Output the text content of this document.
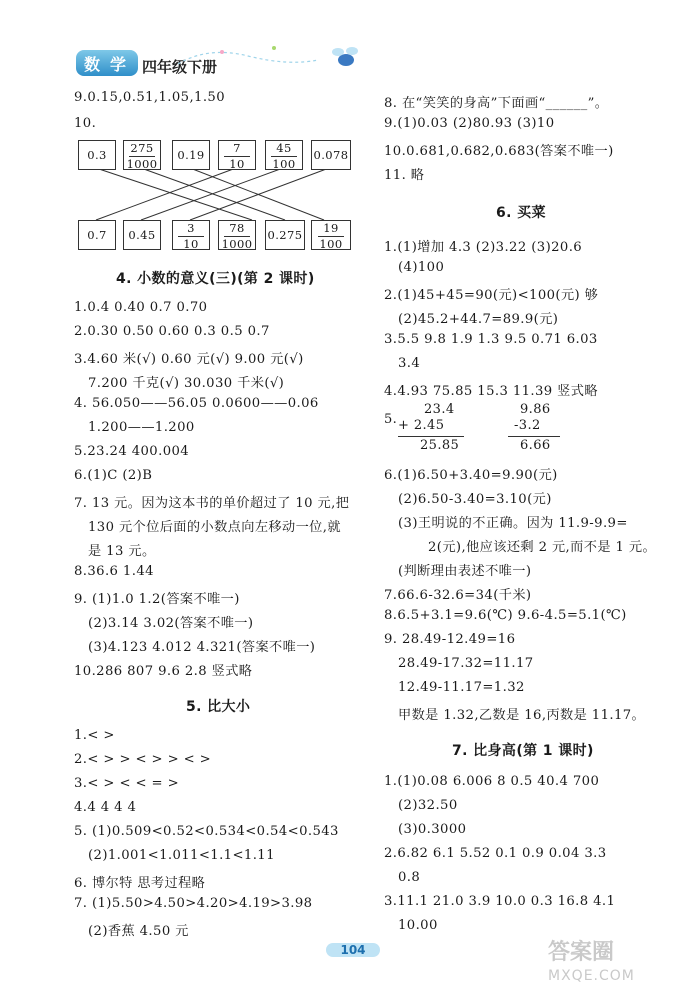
数 学 四年级下册
9.0.15,0.51,1.05,1.50
10.
0.3	275
1000
0.19	7
10
45
100
0.078
0.7	0.45	3
10
78
1000
0.275	19
100
4. 小数的意义(三)(第 2 课时)
1.0.4 0.40 0.7 0.70
2.0.30 0.50 0.60 0.3 0.5 0.7
3.4.60 米(√) 0.60 元(√) 9.00 元(√)
7.200 千克(√) 30.030 千米(√)
4. 56.050——56.05 0.0600——0.06
1.200——1.200
5.23.24 400.004
6.(1)C (2)B
7. 13 元。因为这本书的单价超过了 10 元,把
130 元个位后面的小数点向左移动一位,就
是 13 元。
8.36.6 1.44
9. (1)1.0 1.2(答案不唯一)
(2)3.14 3.02(答案不唯一)
(3)4.123 4.012 4.321(答案不唯一)
10.286 807 9.6 2.8 竖式略
5. 比大小
1.< >
2.< > > < > > < >
3.< > < < = >
4.4 4 4 4
5. (1)0.509<0.52<0.534<0.54<0.543
(2)1.001<1.011<1.1<1.11
6. 博尔特 思考过程略
7. (1)5.50>4.50>4.20>4.19>3.98
(2)香蕉 4.50 元
8. 在“笑笑的身高”下面画“______”。
9.(1)0.03 (2)80.93 (3)10
10.0.681,0.682,0.683(答案不唯一)
11. 略
6. 买菜
1.(1)增加 4.3 (2)3.22 (3)20.6
(4)100
2.(1)45+45=90(元)<100(元) 够
(2)45.2+44.7=89.9(元)
3.5.5 9.8 1.9 1.3 9.5 0.71 6.03
3.4
4.4.93 75.85 15.3 11.39 竖式略
5.
23.4
+ 2.45
25.85
9.86
-3.2
6.66
6.(1)6.50+3.40=9.90(元)
(2)6.50-3.40=3.10(元)
(3)王明说的不正确。因为 11.9-9.9=
2(元),他应该还剩 2 元,而不是 1 元。
(判断理由表述不唯一)
7.66.6-32.6=34(千米)
8.6.5+3.1=9.6(℃) 9.6-4.5=5.1(℃)
9. 28.49-12.49=16
28.49-17.32=11.17
12.49-11.17=1.32
甲数是 1.32,乙数是 16,丙数是 11.17。
7. 比身高(第 1 课时)
1.(1)0.08 6.006 8 0.5 40.4 700
(2)32.50
(3)0.3000
2.6.82 6.1 5.52 0.1 0.9 0.04 3.3
0.8
3.11.1 21.0 3.9 10.0 0.3 16.8 4.1
10.00
104	答案圈
MXQE.COM
